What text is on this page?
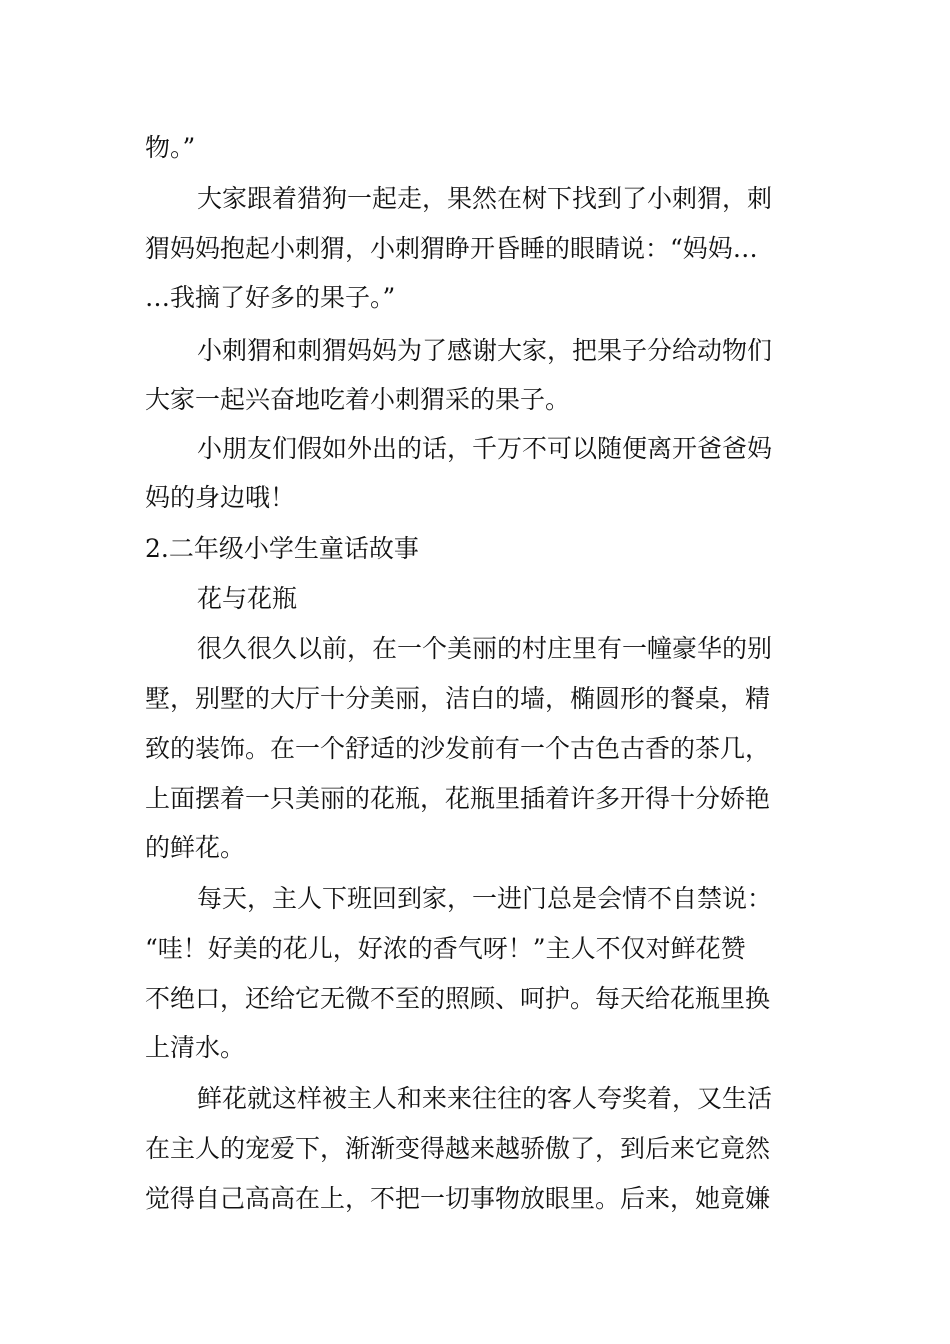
物。”
大家跟着猎狗一起走，果然在树下找到了小刺猬，刺
猬妈妈抱起小刺猬，小刺猬睁开昏睡的眼睛说：“妈妈…
…我摘了好多的果子。”
小刺猬和刺猬妈妈为了感谢大家，把果子分给动物们
大家一起兴奋地吃着小刺猬采的果子。
小朋友们假如外出的话，千万不可以随便离开爸爸妈
妈的身边哦！
2.二年级小学生童话故事
花与花瓶
很久很久以前，在一个美丽的村庄里有一幢豪华的别
墅，别墅的大厅十分美丽，洁白的墙，椭圆形的餐桌，精
致的装饰。在一个舒适的沙发前有一个古色古香的茶几，
上面摆着一只美丽的花瓶，花瓶里插着许多开得十分娇艳
的鲜花。
每天，主人下班回到家，一进门总是会情不自禁说：
“哇！好美的花儿，好浓的香气呀！”主人不仅对鲜花赞
不绝口，还给它无微不至的照顾、呵护。每天给花瓶里换
上清水。
鲜花就这样被主人和来来往往的客人夸奖着，又生活
在主人的宠爱下，渐渐变得越来越骄傲了，到后来它竟然
觉得自己高高在上，不把一切事物放眼里。后来，她竟嫌
